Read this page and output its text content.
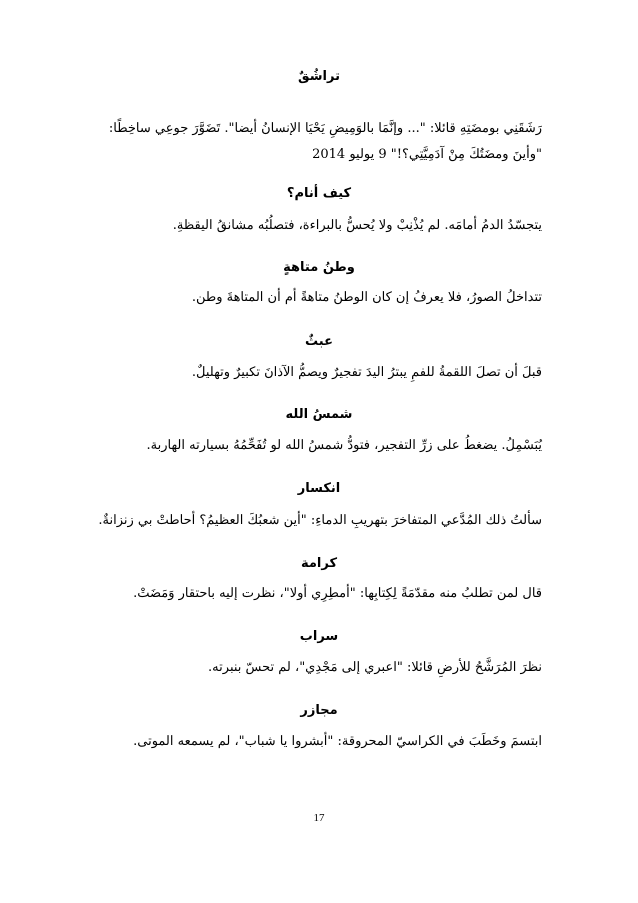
تراشُقٌ
رَشَقَنِي بومضَتِهِ قائلا: "... وإنَّمَا بالوَمِيضِ يَحْيَا الإنسانُ أيضا". تَضَوَّرَ جوعِي ساخِطًا:
"وأينَ ومضَتُكَ مِنْ آدَمِيَّتِي؟!" 9 يوليو 2014
كيف أنام؟
يتجسّدُ الدمُ أمامَه. لم يُذْنِبْ ولا يُحسُّ بالبراءة، فتصلُبُه مشانقُ اليقظةِ.
وطنُ متاهةٍ
تتداخلُ الصورُ، فلا يعرفُ إن كان الوطنُ متاهةً أم أن المتاهةَ وطن.
عبثٌ
قبلَ أن تصلَ اللقمةُ للفمِ يبترُ اليدَ تفجيرٌ ويصمُّ الآذانَ تكبيرٌ وتهليلٌ.
شمسُ الله
يُبَسْمِلُ. يضغطُ على زرِّ التفجير، فتودُّ شمسُ الله لو تُفَحِّمُهُ بسيارته الهاربة.
انكسار
سألتُ ذلك المُدَّعي المتفاخرَ بتهريبِ الدماءِ: "أين شعبُكَ العظيمُ؟ أحاطتْ بي زنزانةٌ.
كرامة
قال لمن تطلبُ منه مقدّمَةً لِكِتابِها: "أمطِرِي أولا"، نظرت إليه باحتقار وَمَضَتْ.
سراب
نظرَ المُرَشَّحُ للأرضِ قائلا: "اعبري إلى مَجْدِي"، لم تحسّ بنبرته.
مجازر
ابتسمَ وخَطَبَ في الكراسيّ المحروقة: "أبشروا يا شباب"، لم يسمعه الموتى.
17
